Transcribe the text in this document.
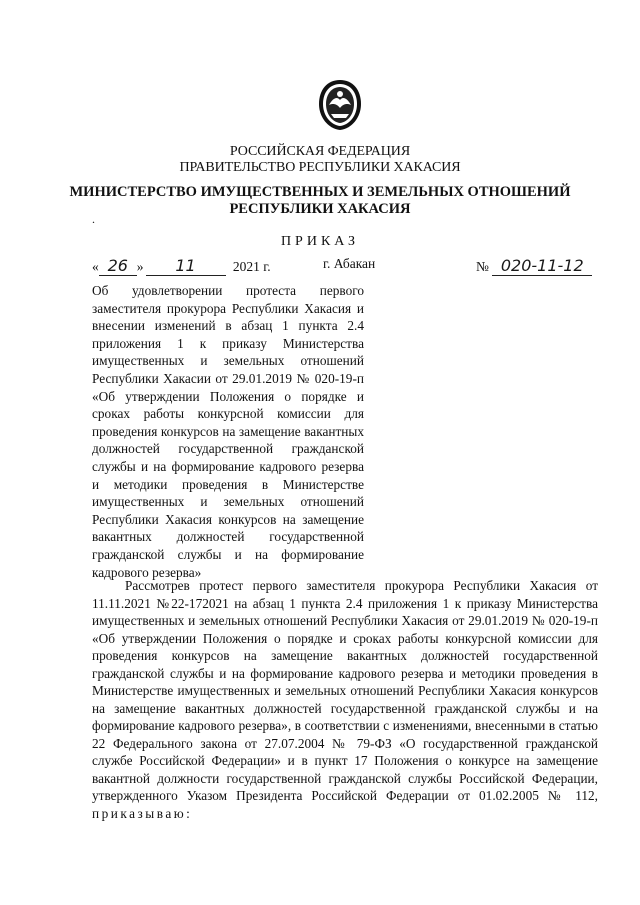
РОССИЙСКАЯ ФЕДЕРАЦИЯ
ПРАВИТЕЛЬСТВО РЕСПУБЛИКИ ХАКАСИЯ
МИНИСТЕРСТВО ИМУЩЕСТВЕННЫХ И ЗЕМЕЛЬНЫХ ОТНОШЕНИЙ
РЕСПУБЛИКИ ХАКАСИЯ
.
ПРИКАЗ
« 26 » 11	2021 г.	г. Абакан	№ 020-11-12
Об удовлетворении протеста первого заместителя прокурора Республики Хакасия и внесении изменений в абзац 1 пункта 2.4 приложения 1 к приказу Министерства имущественных и земельных отношений Республики Хакасии от 29.01.2019 № 020-19-п «Об утверждении Положения о порядке и сроках работы конкурсной комиссии для проведения конкурсов на замещение вакантных должностей государственной гражданской службы и на формирование кадрового резерва и методики проведения в Министерстве имущественных и земельных отношений Республики Хакасия конкурсов на замещение вакантных должностей государственной гражданской службы и на формирование кадрового резерва»
Рассмотрев протест первого заместителя прокурора Республики Хакасия от 11.11.2021 №22-172021 на абзац 1 пункта 2.4 приложения 1 к приказу Министерства имущественных и земельных отношений Республики Хакасия от 29.01.2019 № 020-19-п «Об утверждении Положения о порядке и сроках работы конкурсной комиссии для проведения конкурсов на замещение вакантных должностей государственной гражданской службы и на формирование кадрового резерва и методики проведения в Министерстве имущественных и земельных отношений Республики Хакасия конкурсов на замещение вакантных должностей государственной гражданской службы и на формирование кадрового резерва», в соответствии с изменениями, внесенными в статью 22 Федерального закона от 27.07.2004 № 79-ФЗ «О государственной гражданской службе Российской Федерации» и в пункт 17 Положения о конкурсе на замещение вакантной должности государственной гражданской службы Российской Федерации, утвержденного Указом Президента Российской Федерации от 01.02.2005 № 112, приказываю:
